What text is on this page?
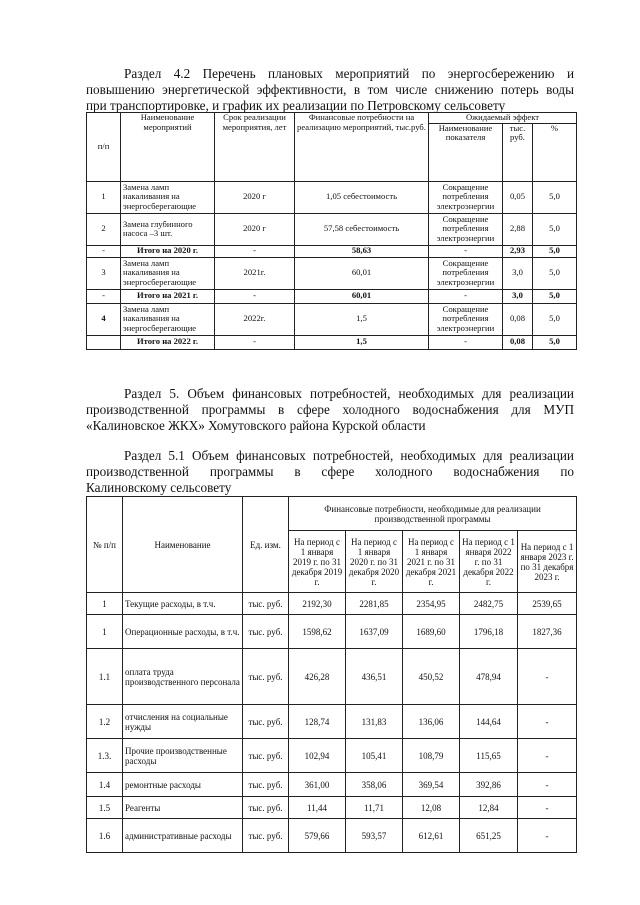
Раздел 4.2 Перечень плановых мероприятий по энергосбережению и повышению энергетической эффективности, в том числе снижению потерь воды
при транспортировке, и график их реализации по Петровскому сельсовету
п/п	Наименование мероприятий	Срок реализации мероприятия, лет	Финансовые потребности на реализацию мероприятий, тыс.руб.	Ожидаемый эффект		
				Наименование показателя	тыс. руб.	%
1	Замена ламп накаливания на энергосберегающие	2020 г	1,05 себестоимость	Сокращение потребления электроэнергии	0,05	5,0
2	Замена глубинного насоса –3 шт.	2020 г	57,58 себестоимость	Сокращение потребления электроэнергии	2,88	5,0
-	Итого на 2020 г.	-	58,63	-	2,93	5,0
3	Замена ламп накаливания на энергосберегающие	2021г.	60,01	Сокращение потребления электроэнергии	3,0	5,0
-	Итого на 2021 г.	-	60,01	-	3,0	5,0
4	Замена ламп накаливания на энергосберегающие	2022г.	1,5	Сокращение потребления электроэнергии	0,08	5,0
	Итого на 2022 г.	-	1,5	-	0,08	5,0
Раздел 5. Объем финансовых потребностей, необходимых для реализации производственной программы в сфере холодного водоснабжения для МУП
«Калиновское ЖКХ» Хомутовского района Курской области
Раздел 5.1 Объем финансовых потребностей, необходимых для реализации производственной программы в сфере холодного водоснабжения по
Калиновскому сельсовету
№ п/п	Наименование	Ед. изм.	Финансовые потребности, необходимые для реализации производственной программы				
			На период с 1 января 2019 г. по 31 декабря 2019 г.	На период с 1 января 2020 г. по 31 декабря 2020 г.	На период с 1 января 2021 г. по 31 декабря 2021 г.	На период с 1 января 2022 г. по 31 декабря 2022 г.	На период с 1 января 2023 г. по 31 декабря 2023 г.
1	Текущие расходы, в т.ч.	тыс. руб.	2192,30	2281,85	2354,95	2482,75	2539,65
1	Операционные расходы, в т.ч.	тыс. руб.	1598,62	1637,09	1689,60	1796,18	1827,36
1.1	оплата труда производственного персонала	тыс. руб.	426,28	436,51	450,52	478,94	-
1.2	отчисления на социальные нужды	тыс. руб.	128,74	131,83	136,06	144,64	-
1.3.	Прочие производственные расходы	тыс. руб.	102,94	105,41	108,79	115,65	-
1.4	ремонтные расходы	тыс. руб.	361,00	358,06	369,54	392,86	-
1.5	Реагенты	тыс. руб.	11,44	11,71	12,08	12,84	-
1.6	административные расходы	тыс. руб.	579,66	593,57	612,61	651,25	-
